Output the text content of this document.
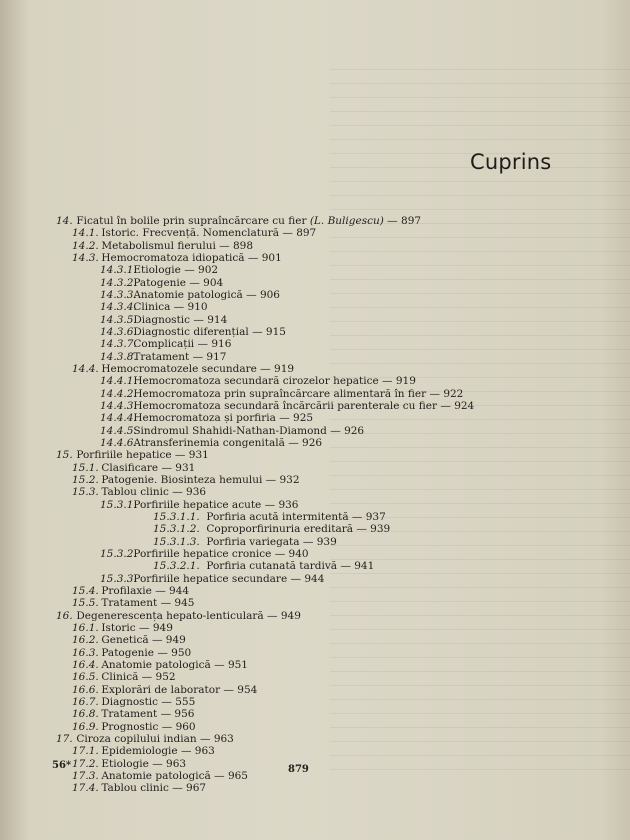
Cuprins
14. Ficatul în bolile prin supraîncărcare cu fier (L. Buligescu) — 897
14.1. Istoric. Frecvență. Nomenclatură — 897
14.2. Metabolismul fierului — 898
14.3. Hemocromatoza idiopatică — 901
14.3.1. Etiologie — 902
14.3.2. Patogenie — 904
14.3.3. Anatomie patologică — 906
14.3.4. Clinica — 910
14.3.5. Diagnostic — 914
14.3.6. Diagnostic diferențial — 915
14.3.7. Complicații — 916
14.3.8. Tratament — 917
14.4. Hemocromatozele secundare — 919
14.4.1. Hemocromatoza secundară cirozelor hepatice — 919
14.4.2. Hemocromatoza prin supraîncărcare alimentară în fier — 922
14.4.3. Hemocromatoza secundară încărcării parenterale cu fier — 924
14.4.4. Hemocromatoza și porfiria — 925
14.4.5. Sindromul Shahidi-Nathan-Diamond — 926
14.4.6. Atransferinemia congenitală — 926
15. Porfiriile hepatice — 931
15.1. Clasificare — 931
15.2. Patogenie. Biosinteza hemului — 932
15.3. Tablou clinic — 936
15.3.1. Porfiriile hepatice acute — 936
15.3.1.1. Porfiria acută intermitentă — 937
15.3.1.2. Coproporfirinuria ereditară — 939
15.3.1.3. Porfiria variegata — 939
15.3.2. Porfiriile hepatice cronice — 940
15.3.2.1. Porfiria cutanată tardivă — 941
15.3.3. Porfiriile hepatice secundare — 944
15.4. Profilaxie — 944
15.5. Tratament — 945
16. Degenerescența hepato-lenticulară — 949
16.1. Istoric — 949
16.2. Genetică — 949
16.3. Patogenie — 950
16.4. Anatomie patologică — 951
16.5. Clinică — 952
16.6. Explorări de laborator — 954
16.7. Diagnostic — 555
16.8. Tratament — 956
16.9. Prognostic — 960
17. Ciroza copilului indian — 963
17.1. Epidemiologie — 963
17.2. Etiologie — 963
17.3. Anatomie patologică — 965
17.4. Tablou clinic — 967
56*	879
